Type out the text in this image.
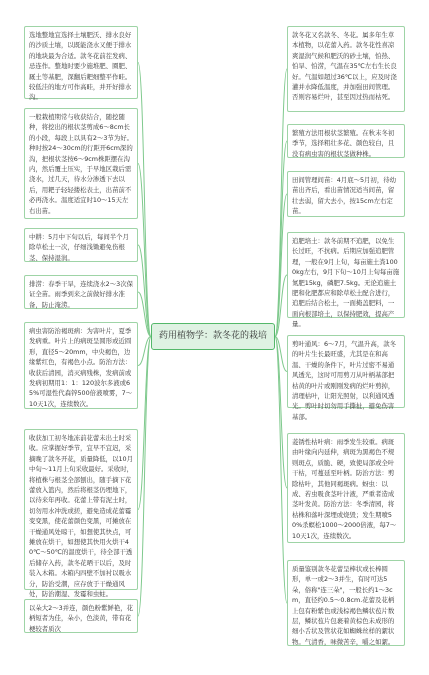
选地整地宜选择土壤肥沃、排水良好的沙质土壤，以既能浇水又便于排水的地块最为合适。款冬花前茬发病、忌连作。整地时要少施堆肥、圈肥、厩土等基肥，深翻后耙细整平作畦。较低洼的地方可作高畦，并开好排水沟。
一般栽植期常与收获结合，随挖随种，将挖出的根状茎剪成6～8cm长的小段，每段上以具有2～3节为好。种时按24～30cm的行距开6cm深的沟，把根状茎按6～9cm株距摆在沟内，然后覆土压实，于早地区栽后需浇水，过几天，待水分渗透下去以后，用耙子轻轻搂松表土，出苗前不必再浇水。温度适宜时10～15天左右出苗。
中耕：5月中下旬以后，每间半个月除草松土一次，仔细浅锄避免伤根茎、保持湿润。
排涝：春季干旱，连续浇水2～3次保证全苗。雨季到来之前做好排水准备，防止淹涝。
病虫害防治褐斑病：为害叶片，夏季发病重。叶片上的病斑呈圆形或近圆形，直径5～20mm，中央褐色，边缘紫红色，有褐色小点。防治方法：收获后清园，消灭病残株，发病前或发病初期用1：1：120波尔多液或65%可湿性代森锌500倍液喷雾，7～10天1次，连续数次。
收获加工初冬地冻前花蕾未出土时采收。应掌握好季节，宜早不宜迟，采摘晚了款冬开花，质量降低，以10月中旬～11月上旬采收最好。采收时，将植株与根茎全部刨出，随手摘下花蕾放入篮内，然后将根茎仍埋地下，以待来年再收。花蕾上带有泥土时，切勿用水冲洗或搓，避免造成花蕾霉变变黑，使花蕾颜色变黑，可摊放在干燥通风处晾干，如想使其快点，可摊放在烘干，如想使其快用火烘干40℃～50℃的温度烘干，待全部干透后储存入药，款冬花晒干以后，及时装入木箱。木箱内四壁不加衬以吸水分，防治受潮，应存放于干燥通风处，防治潮湿、发霉和虫蛀。
以朵大2～3并连，颜色粉紫鲜艳，花柄短者为佳，朵小，色淡黄，带有花梗较者质次
药用植物学：款冬花的栽培
款冬花又名款冬、冬花。属多年生草本植物，以花蕾入药。款冬花性喜凉爽湿润气候和肥沃的砂土壤，怕热、怕旱、怕涝，气温在35℃左右生长良好。气温如超过36℃以上，应及时浇灌并水降低温度，并加强田间管理。否则容易烂叶，甚至因过热而枯死。
繁殖方法用根状茎繁殖。在秋末冬初季节，选择粗壮多花、颜色较白，且没有病虫害的根状茎做种株。
田间管理间苗：4月底～5月初，待幼苗出齐后，看出苗情况适当间苗，留壮去弱，留大去小，按15cm左右定苗。
追肥培土：款冬前期不追肥，以免生长过旺，不抗病。后期应加强追肥管理，一般在9月上旬，每亩施土粪1000kg左右，9月下旬～10月上旬每亩施氮肥15kg，磷肥7.5kg。无论追施土肥和化肥都应和除草松土配合进行，追肥后结合松土，一面掩盖肥料，一面向根部培土，以保持肥效，提高产量。
剪叶通风：6～7月，气温升高，款冬的叶片生长最旺盛，尤其是在和高温、干燥的条件下，叶片过密不易通风透光，这时可用剪刀从叶柄基部把枯黄的叶片或刚刚发病的烂叶剪掉，清理枯叶，让阳光照射，以利通风透光。剪叶时切勿用手撕扯，避免伤害基部。
菱锈性枯叶病：雨季发生较重。病斑由叶缘向内延伸，病斑为黑褐色不规则斑点，质脆、硬，致使局部或全叶干枯，可蔓延至叶柄。防治方法：剪除枯叶，其他同褐斑病。蚜虫：以成、若虫吸食茎叶汁液，严重者造成茎叶发黄。防治方法：冬季清园，将枯株和落叶深埋或烧毁；发生期喷50%杀螟松1000～2000倍液，每7～10天1次，连续数次。
质量鉴别款冬花蕾呈棒状或长棒圆形，单一或2～3并生，有时可达5朵，俗称"连三朵"，一般长约1～3cm，直径约0.5～0.8cm.花蕾及花柄上包有粉紫色或浅棕褐色鳞状苞片数层，鳞状苞片包裹着黄棕色未成形的细小舌状及管状花如蜘蛛丝样的絮状物。气清香，味微苦辛，嚼之如絮。
